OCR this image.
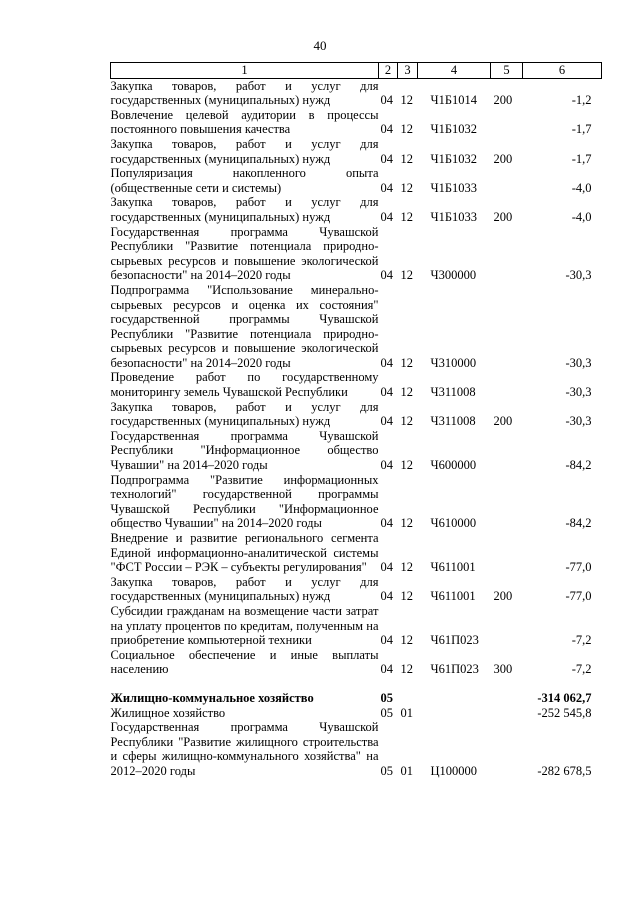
40
1	2	3	4	5	6
Закупка товаров, работ и услуг для государственных (муниципальных) нужд	04	12	Ч1Б1014	200	-1,2
Вовлечение целевой аудитории в процессы постоянного повышения качества	04	12	Ч1Б1032		-1,7
Закупка товаров, работ и услуг для государственных (муниципальных) нужд	04	12	Ч1Б1032	200	-1,7
Популяризация накопленного опыта (общественные сети и системы)	04	12	Ч1Б1033		-4,0
Закупка товаров, работ и услуг для государственных (муниципальных) нужд	04	12	Ч1Б1033	200	-4,0
Государственная программа Чувашской Республики "Развитие потенциала природно-сырьевых ресурсов и повышение экологической безопасности" на 2014–2020 годы	04	12	Ч300000		-30,3
Подпрограмма "Использование минерально-сырьевых ресурсов и оценка их состояния" государственной программы Чувашской Республики "Развитие потенциала природно-сырьевых ресурсов и повышение экологической безопасности" на 2014–2020 годы	04	12	Ч310000		-30,3
Проведение работ по государственному мониторингу земель Чувашской Республики	04	12	Ч311008		-30,3
Закупка товаров, работ и услуг для государственных (муниципальных) нужд	04	12	Ч311008	200	-30,3
Государственная программа Чувашской Республики "Информационное общество Чувашии" на 2014–2020 годы	04	12	Ч600000		-84,2
Подпрограмма "Развитие информационных технологий" государственной программы Чувашской Республики "Информационное общество Чувашии" на 2014–2020 годы	04	12	Ч610000		-84,2
Внедрение и развитие регионального сегмента Единой информационно-аналитической системы "ФСТ России – РЭК – субъекты регулирования"	04	12	Ч611001		-77,0
Закупка товаров, работ и услуг для государственных (муниципальных) нужд	04	12	Ч611001	200	-77,0
Субсидии гражданам на возмещение части затрат на уплату процентов по кредитам, полученным на приобретение компьютерной техники	04	12	Ч61П023		-7,2
Социальное обеспечение и иные выплаты населению	04	12	Ч61П023	300	-7,2

Жилищно-коммунальное хозяйство	05				-314 062,7
Жилищное хозяйство	05	01			-252 545,8
Государственная программа Чувашской Республики "Развитие жилищного строительства и сферы жилищно-коммунального хозяйства" на 2012–2020 годы	05	01	Ц100000		-282 678,5
